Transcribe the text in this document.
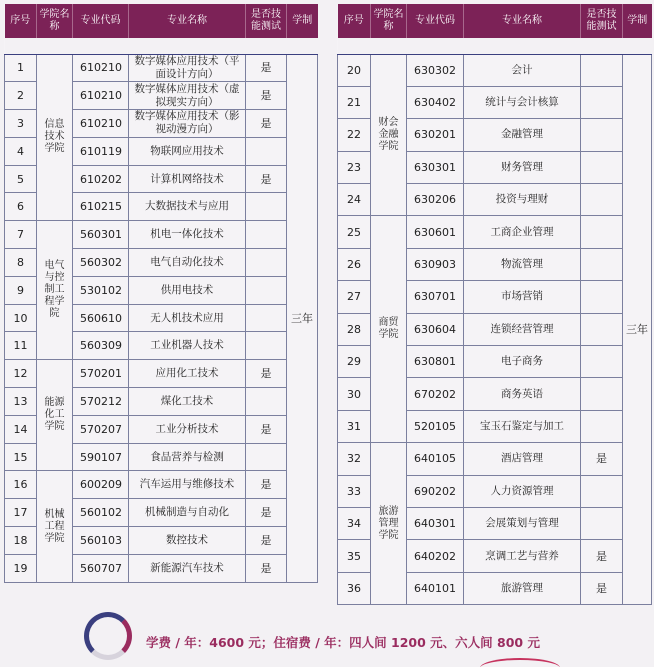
序号	学院名称	专业代码	专业名称	是否技能测试	学制

1	信息技术学院	610210	数字媒体应用技术（平面设计方向）	是	三年
2		610210	数字媒体应用技术（虚拟现实方向）	是	
3		610210	数字媒体应用技术（影视动漫方向）	是	
4		610119	物联网应用技术		
5		610202	计算机网络技术	是	
6		610215	大数据技术与应用		
7	电气与控制工程学院	560301	机电一体化技术		
8		560302	电气自动化技术		
9		530102	供用电技术		
10		560610	无人机技术应用		
11		560309	工业机器人技术		
12	能源化工学院	570201	应用化工技术	是	
13		570212	煤化工技术		
14		570207	工业分析技术	是	
15		590107	食品营养与检测		
16	机械工程学院	600209	汽车运用与维修技术	是	
17		560102	机械制造与自动化	是	
18		560103	数控技术	是	
19		560707	新能源汽车技术	是	
序号	学院名称	专业代码	专业名称	是否技能测试	学制

20	财会金融学院	630302	会计		三年
21		630402	统计与会计核算		
22		630201	金融管理		
23		630301	财务管理		
24		630206	投资与理财		
25	商贸学院	630601	工商企业管理		
26		630903	物流管理		
27		630701	市场营销		
28		630604	连锁经营管理		
29		630801	电子商务		
30		670202	商务英语		
31		520105	宝玉石鉴定与加工		
32	旅游管理学院	640105	酒店管理	是	
33		690202	人力资源管理		
34		640301	会展策划与管理		
35		640202	烹调工艺与营养	是	
36		640101	旅游管理	是	
学费 / 年：4600 元；住宿费 / 年：四人间 1200 元、六人间 800 元
